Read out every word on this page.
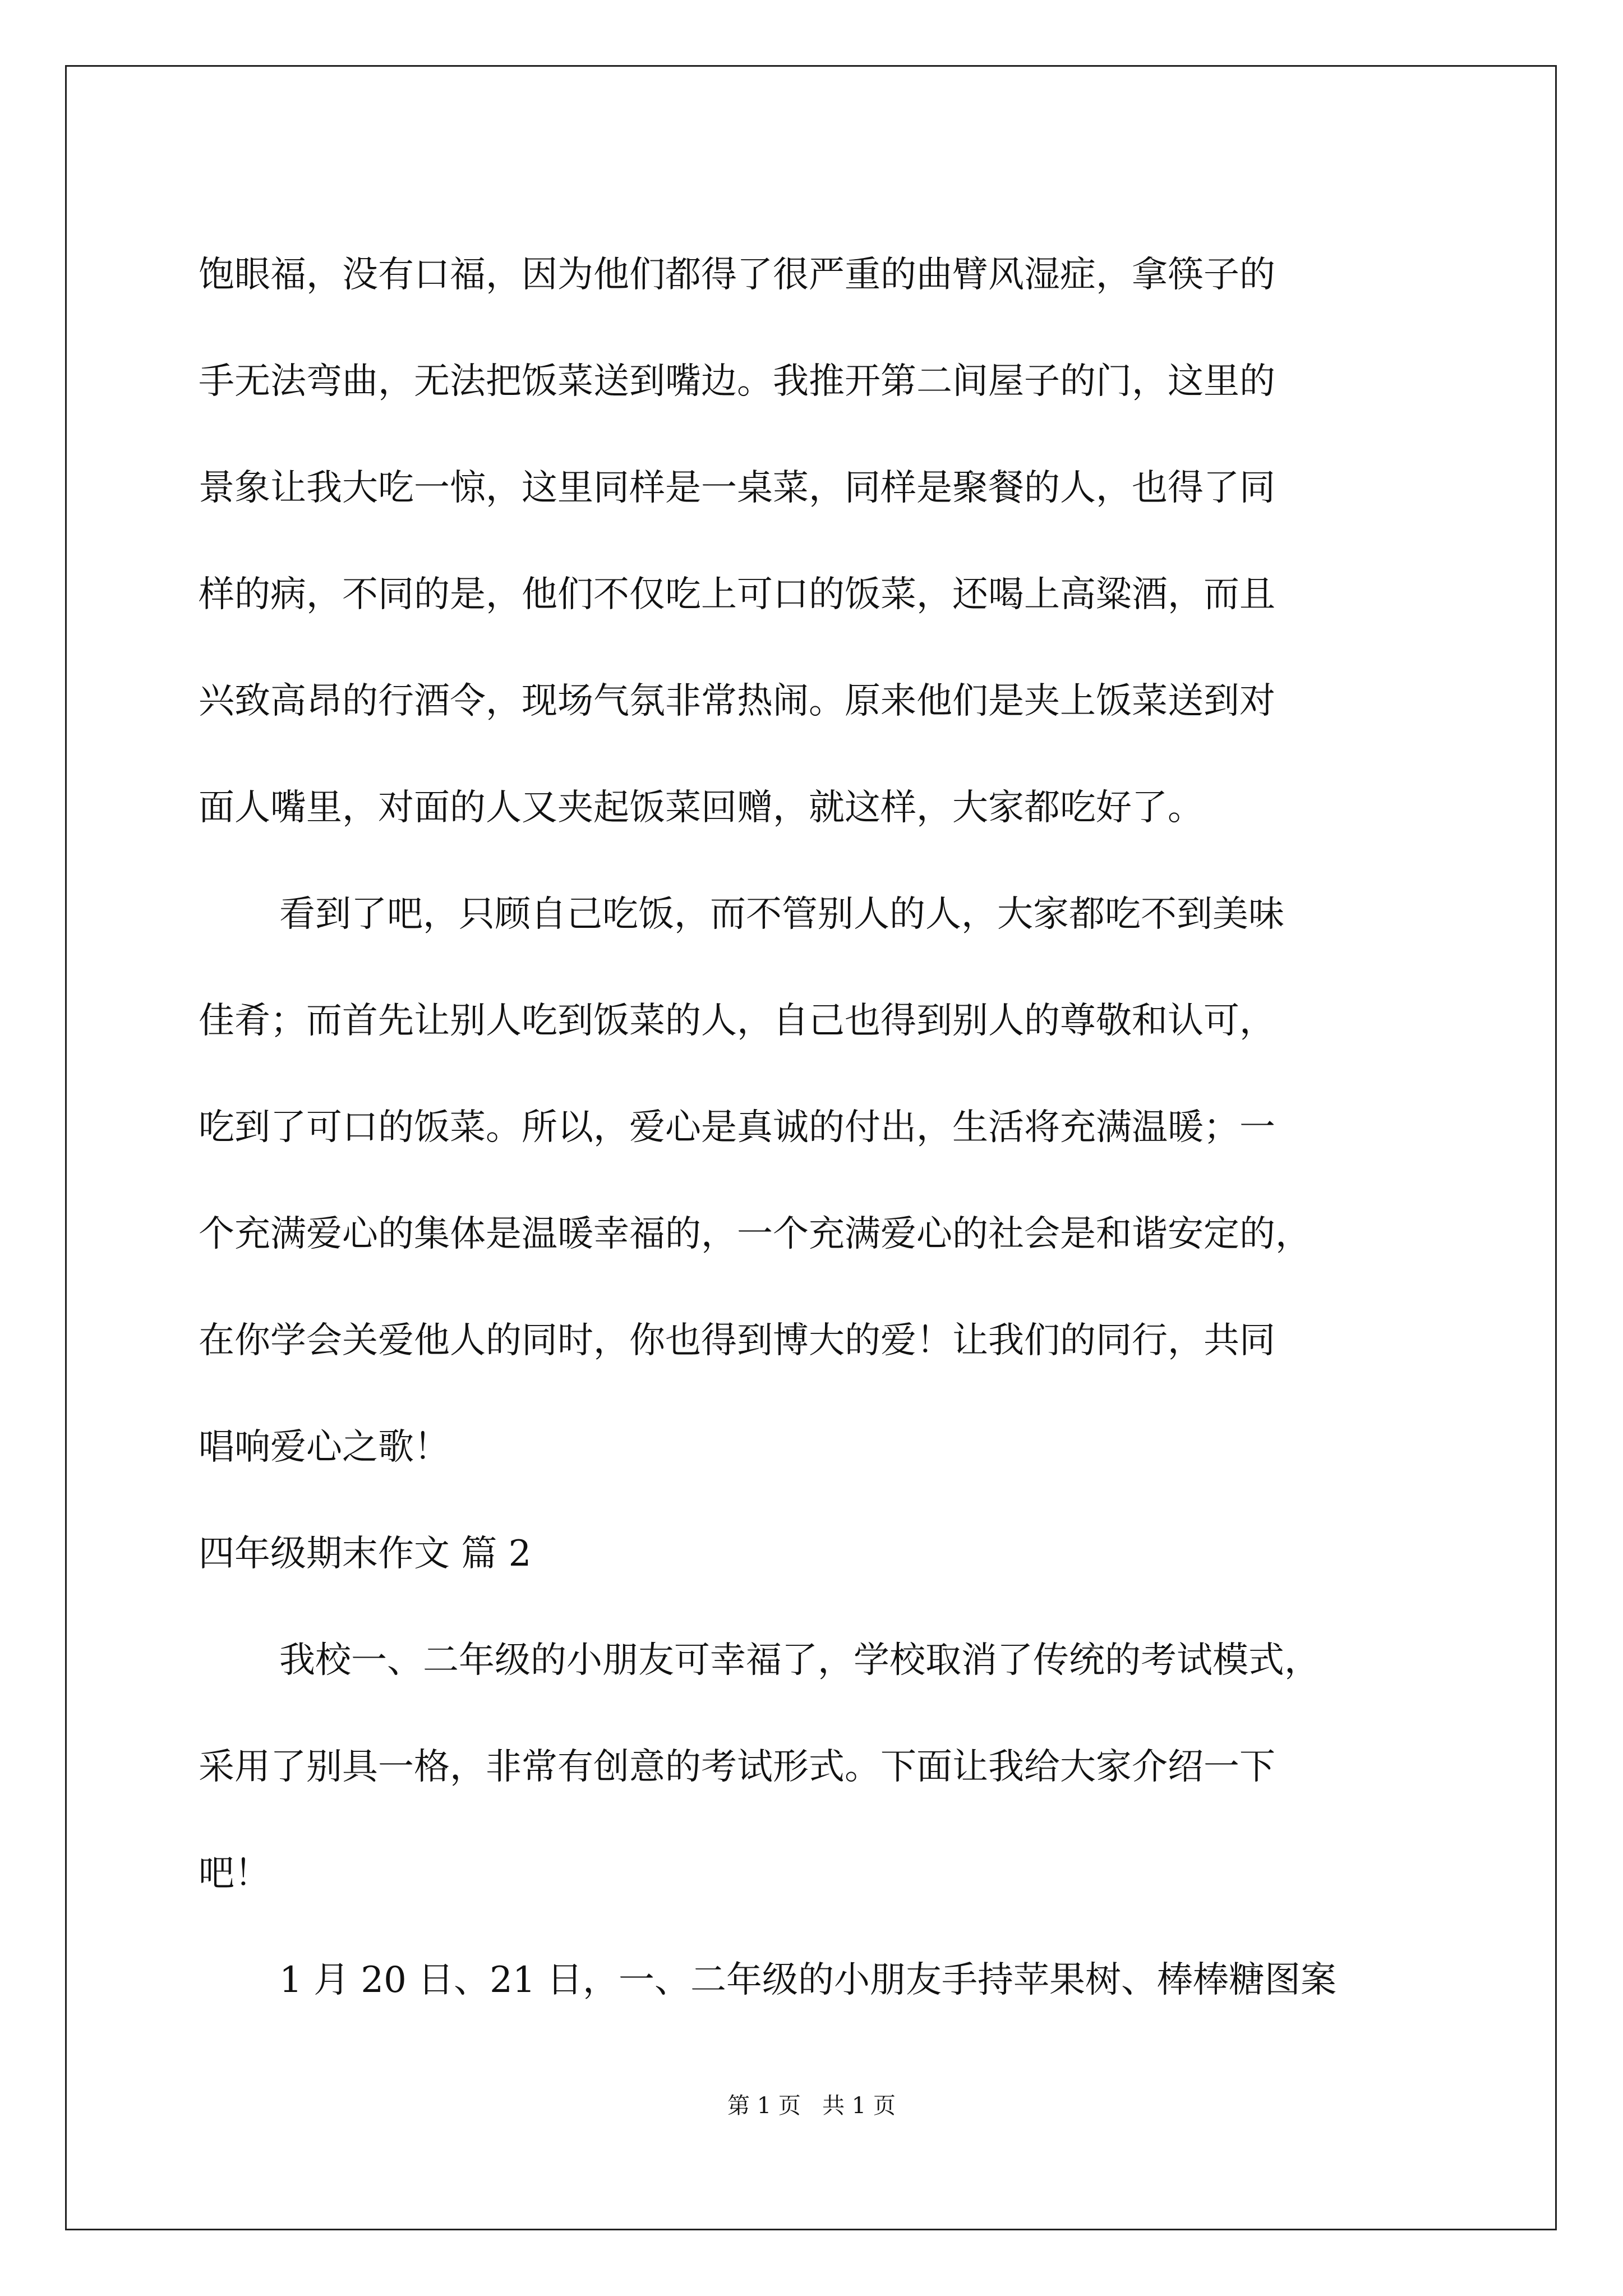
饱眼福，没有口福，因为他们都得了很严重的曲臂风湿症，拿筷子的

手无法弯曲，无法把饭菜送到嘴边。我推开第二间屋子的门，这里的

景象让我大吃一惊，这里同样是一桌菜，同样是聚餐的人，也得了同

样的病，不同的是，他们不仅吃上可口的饭菜，还喝上高粱酒，而且

兴致高昂的行酒令，现场气氛非常热闹。原来他们是夹上饭菜送到对

面人嘴里，对面的人又夹起饭菜回赠，就这样，大家都吃好了。

看到了吧，只顾自己吃饭，而不管别人的人，大家都吃不到美味

佳肴；而首先让别人吃到饭菜的人，自己也得到别人的尊敬和认可，

吃到了可口的饭菜。所以，爱心是真诚的付出，生活将充满温暖；一

个充满爱心的集体是温暖幸福的，一个充满爱心的社会是和谐安定的，

在你学会关爱他人的同时，你也得到博大的爱！让我们的同行，共同

唱响爱心之歌！

四年级期末作文 篇 2

我校一、二年级的小朋友可幸福了，学校取消了传统的考试模式，

采用了别具一格，非常有创意的考试形式。下面让我给大家介绍一下

吧！

1 月 20 日、21 日，一、二年级的小朋友手持苹果树、棒棒糖图案

第 1 页   共 1 页
